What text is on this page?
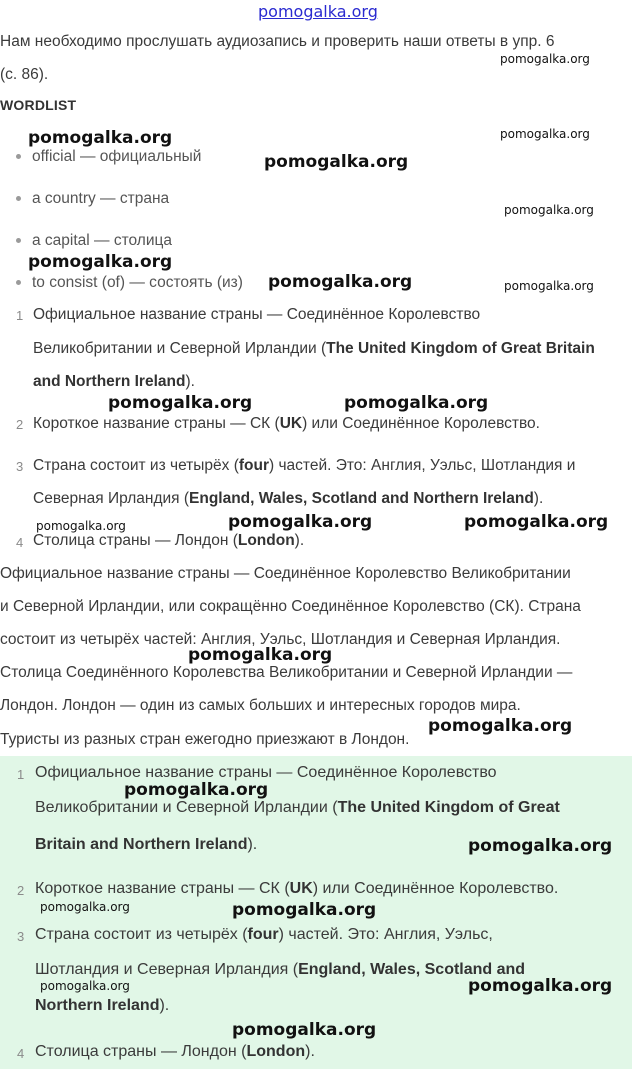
pomogalka.org
Нам необходимо прослушать аудиозапись и проверить наши ответы в упр. 6
(с. 86).
WORDLIST
official — официальный
a country — страна
a capital — столица
to consist (of) — состоять (из)
1 Официальное название страны — Соединённое Королевство
Великобритании и Северной Ирландии (The United Kingdom of Great Britain
and Northern Ireland).
2 Короткое название страны — СК (UK) или Соединённое Королевство.
3 Страна состоит из четырёх (four) частей. Это: Англия, Уэльс, Шотландия и
Северная Ирландия (England, Wales, Scotland and Northern Ireland).
4 Столица страны — Лондон (London).
Официальное название страны — Соединённое Королевство Великобритании
и Северной Ирландии, или сокращённо Соединённое Королевство (СК). Страна
состоит из четырёх частей: Англия, Уэльс, Шотландия и Северная Ирландия.
Столица Соединённого Королевства Великобритании и Северной Ирландии —
Лондон. Лондон — один из самых больших и интересных городов мира.
Туристы из разных стран ежегодно приезжают в Лондон.
1 Официальное название страны — Соединённое Королевство
Великобритании и Северной Ирландии (The United Kingdom of Great
Britain and Northern Ireland).
2 Короткое название страны — СК (UK) или Соединённое Королевство.
3 Страна состоит из четырёх (four) частей. Это: Англия, Уэльс,
Шотландия и Северная Ирландия (England, Wales, Scotland and
Northern Ireland).
4 Столица страны — Лондон (London).
pomogalka.org
pomogalka.org	pomogalka.org
pomogalka.org
pomogalka.org
pomogalka.org
pomogalka.org	pomogalka.org
pomogalka.org	pomogalka.org
pomogalka.org	pomogalka.org	pomogalka.org
pomogalka.org
pomogalka.org
pomogalka.org
pomogalka.org
pomogalka.org	pomogalka.org
pomogalka.org	pomogalka.org
pomogalka.org
